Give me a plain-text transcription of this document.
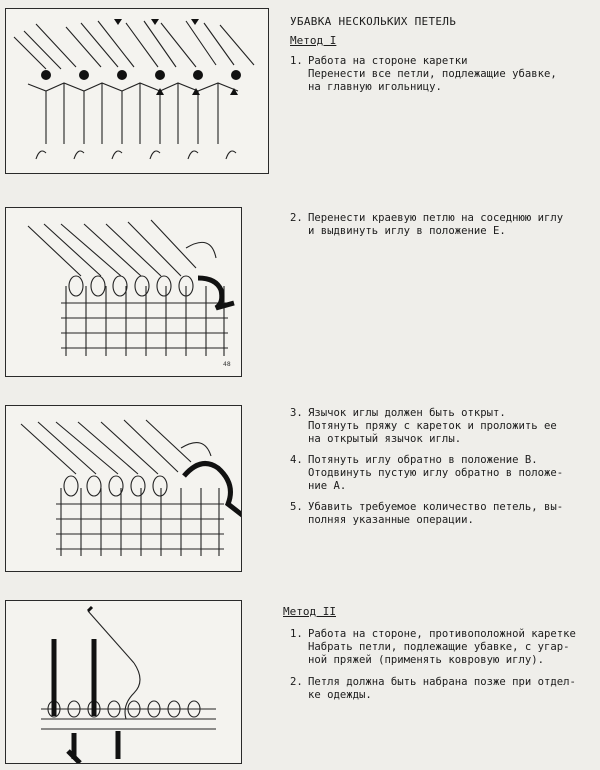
48
УБАВКА НЕСКОЛЬКИХ ПЕТЕЛЬ
Метод I
1. Работа на стороне каретки
Перенести все петли, подлежащие убавке,
на главную игольницу.
2. Перенести краевую петлю на соседнюю иглу
и выдвинуть иглу в положение Е.
3. Язычок иглы должен быть открыт.
Потянуть пряжу с кареток и проложить ее
на открытый язычок иглы.
4. Потянуть иглу обратно в положение В.
Отодвинуть пустую иглу обратно в положе-
ние А.
5. Убавить требуемое количество петель, вы-
полняя указанные операции.
Метод II
1. Работа на стороне, противоположной каретке
Набрать петли, подлежащие убавке, с угар-
ной пряжей (применять ковровую иглу).
2. Петля должна быть набрана позже при отдел-
ке одежды.
